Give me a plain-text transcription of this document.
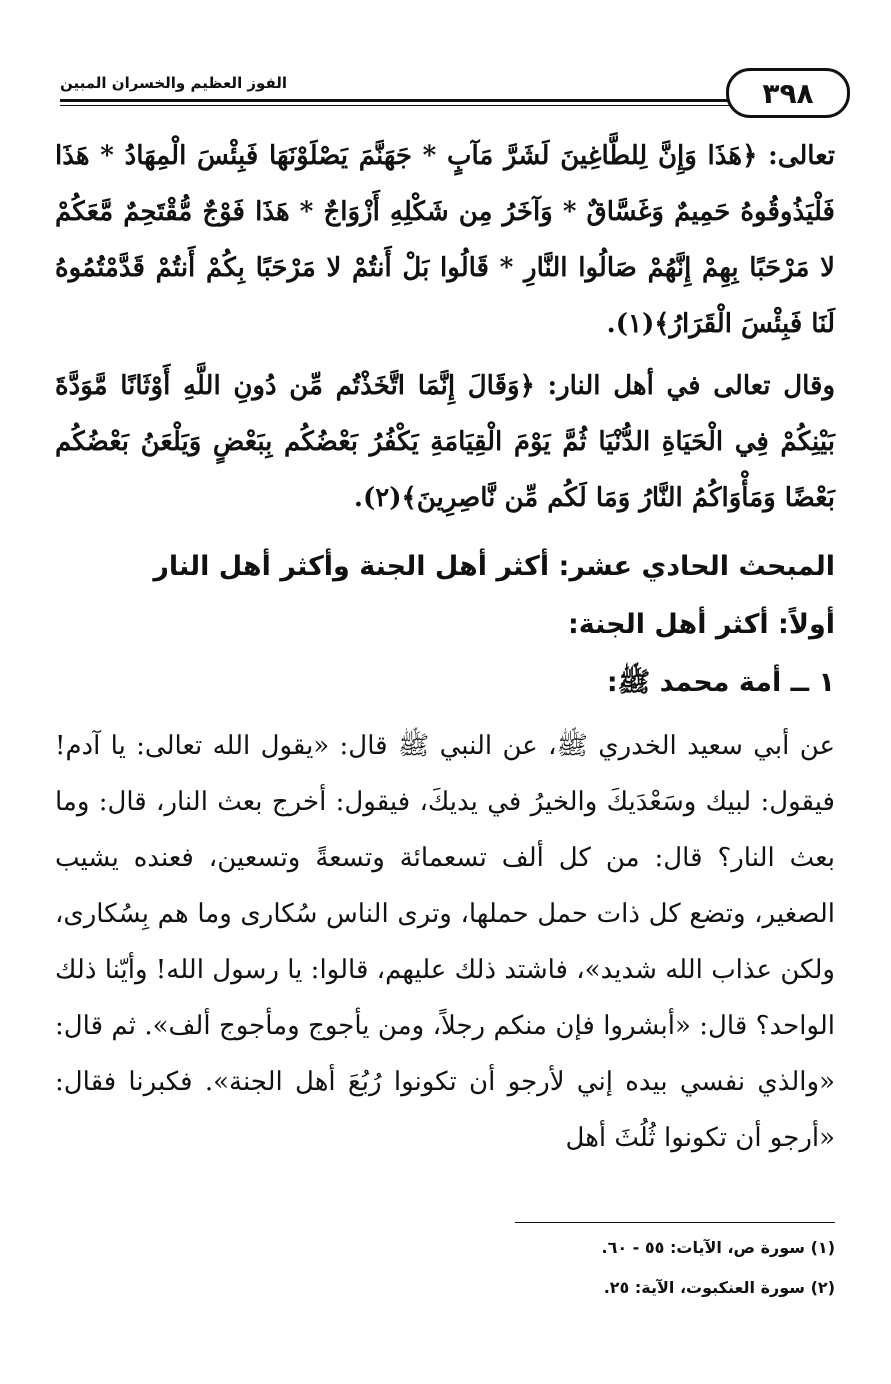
٣٩٨
الفوز العظيم والخسران المبين

تعالى: ﴿هَذَا وَإِنَّ لِلطَّاغِينَ لَشَرَّ مَآبٍ * جَهَنَّمَ يَصْلَوْنَهَا فَبِئْسَ الْمِهَادُ * هَذَا فَلْيَذُوقُوهُ حَمِيمٌ وَغَسَّاقٌ * وَآخَرُ مِن شَكْلِهِ أَزْوَاجٌ * هَذَا فَوْجٌ مُّقْتَحِمٌ مَّعَكُمْ لا مَرْحَبًا بِهِمْ إِنَّهُمْ صَالُوا النَّارِ * قَالُوا بَلْ أَنتُمْ لا مَرْحَبًا بِكُمْ أَنتُمْ قَدَّمْتُمُوهُ لَنَا فَبِئْسَ الْقَرَارُ﴾(١).

وقال تعالى في أهل النار: ﴿وَقَالَ إِنَّمَا اتَّخَذْتُم مِّن دُونِ اللَّهِ أَوْثَانًا مَّوَدَّةَ بَيْنِكُمْ فِي الْحَيَاةِ الدُّنْيَا ثُمَّ يَوْمَ الْقِيَامَةِ يَكْفُرُ بَعْضُكُم بِبَعْضٍ وَيَلْعَنُ بَعْضُكُم بَعْضًا وَمَأْوَاكُمُ النَّارُ وَمَا لَكُم مِّن نَّاصِرِينَ﴾(٢).

المبحث الحادي عشر: أكثر أهل الجنة وأكثر أهل النار

أولاً: أكثر أهل الجنة:

١ ــ أمة محمد ﷺ:

عن أبي سعيد الخدري ﷺ، عن النبي ﷺ قال: «يقول الله تعالى: يا آدم! فيقول: لبيك وسَعْدَيكَ والخيرُ في يديكَ، فيقول: أخرج بعث النار، قال: وما بعث النار؟ قال: من كل ألف تسعمائة وتسعةً وتسعين، فعنده يشيب الصغير، وتضع كل ذات حمل حملها، وترى الناس سُكارى وما هم بِسُكارى، ولكن عذاب الله شديد»، فاشتد ذلك عليهم، قالوا: يا رسول الله! وأيّنا ذلك الواحد؟ قال: «أبشروا فإن منكم رجلاً، ومن يأجوج ومأجوج ألف». ثم قال: «والذي نفسي بيده إني لأرجو أن تكونوا رُبُعَ أهل الجنة». فكبرنا فقال: «أرجو أن تكونوا ثُلُثَ أهل

(١) سورة ص، الآيات: ٥٥ - ٦٠.

(٢) سورة العنكبوت، الآية: ٢٥.
